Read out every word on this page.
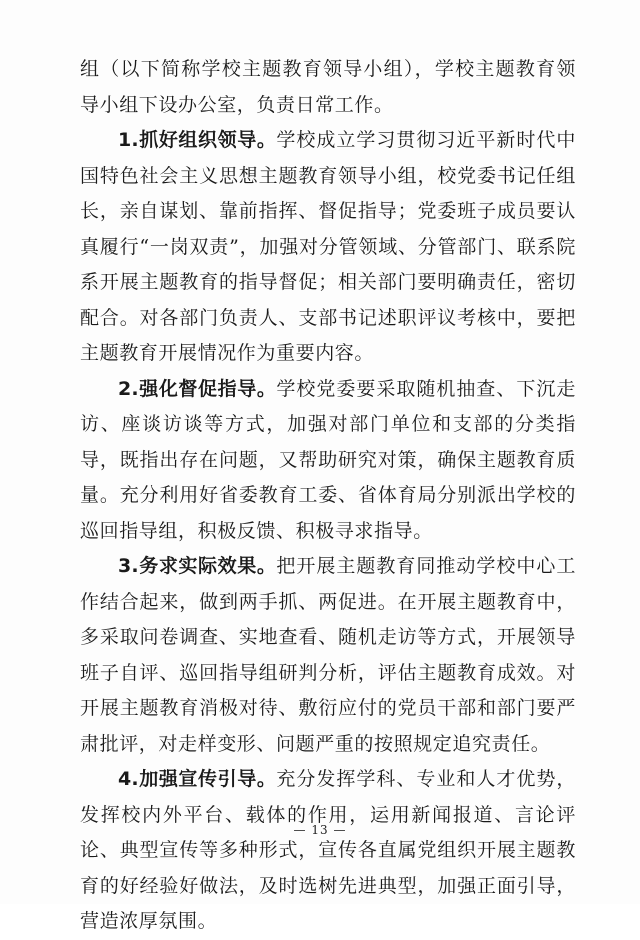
组（以下简称学校主题教育领导小组），学校主题教育领导小组下设办公室，负责日常工作。

1.抓好组织领导。学校成立学习贯彻习近平新时代中国特色社会主义思想主题教育领导小组，校党委书记任组长，亲自谋划、靠前指挥、督促指导；党委班子成员要认真履行“一岗双责”，加强对分管领域、分管部门、联系院系开展主题教育的指导督促；相关部门要明确责任，密切配合。对各部门负责人、支部书记述职评议考核中，要把主题教育开展情况作为重要内容。

2.强化督促指导。学校党委要采取随机抽查、下沉走访、座谈访谈等方式，加强对部门单位和支部的分类指导，既指出存在问题，又帮助研究对策，确保主题教育质量。充分利用好省委教育工委、省体育局分别派出学校的巡回指导组，积极反馈、积极寻求指导。

3.务求实际效果。把开展主题教育同推动学校中心工作结合起来，做到两手抓、两促进。在开展主题教育中，多采取问卷调查、实地查看、随机走访等方式，开展领导班子自评、巡回指导组研判分析，评估主题教育成效。对开展主题教育消极对待、敷衍应付的党员干部和部门要严肃批评，对走样变形、问题严重的按照规定追究责任。

4.加强宣传引导。充分发挥学科、专业和人才优势，发挥校内外平台、载体的作用，运用新闻报道、言论评论、典型宣传等多种形式，宣传各直属党组织开展主题教育的好经验好做法，及时选树先进典型，加强正面引导，营造浓厚氛围。

— 13 —
